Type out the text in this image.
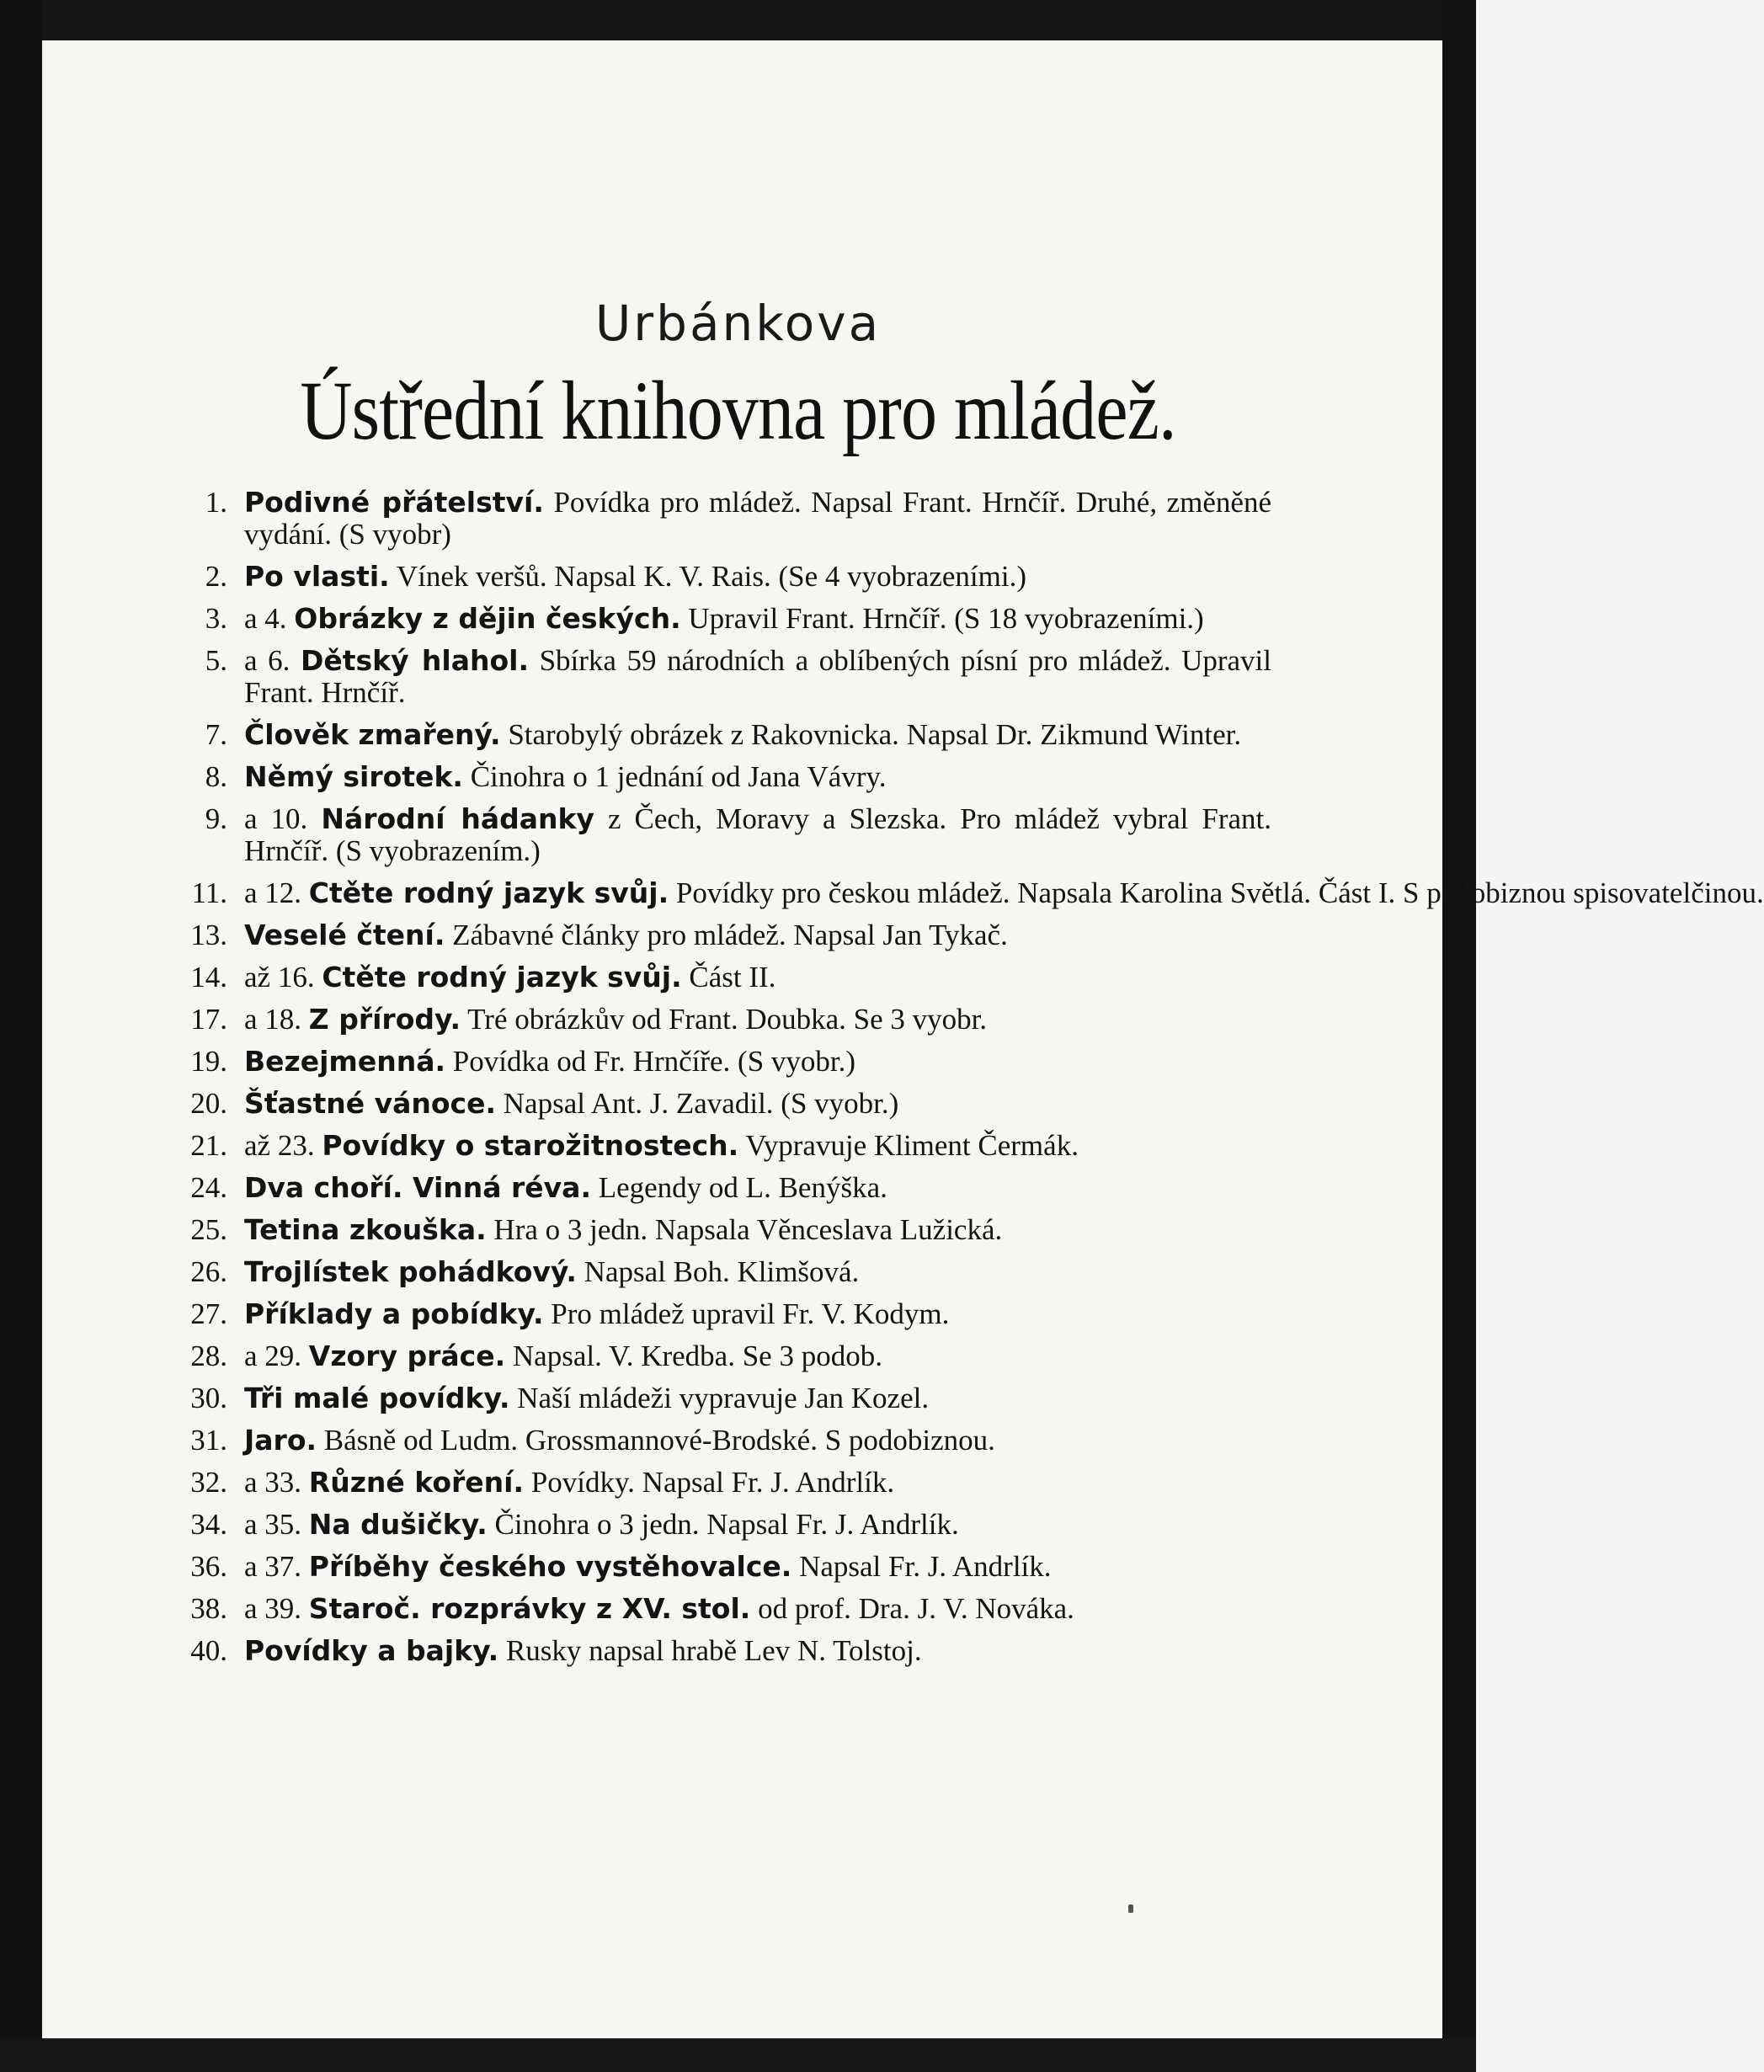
Urbánkova
Ústřední knihovna pro mládež.
1. Podivné přátelství. Povídka pro mládež. Napsal Frant. Hrnčíř. Druhé, změněné vydání. (S vyobr)
2. Po vlasti. Vínek veršů. Napsal K. V. Rais. (Se 4 vyobrazeními.)
3. a 4. Obrázky z dějin českých. Upravil Frant. Hrnčíř. (S 18 vyobrazeními.)
5. a 6. Dětský hlahol. Sbírka 59 národních a oblíbených písní pro mládež. Upravil Frant. Hrnčíř.
7. Člověk zmařený. Starobylý obrázek z Rakovnicka. Napsal Dr. Zikmund Winter.
8. Němý sirotek. Činohra o 1 jednání od Jana Vávry.
9. a 10. Národní hádanky z Čech, Moravy a Slezska. Pro mládež vybral Frant. Hrnčíř. (S vyobrazením.)
11. a 12. Ctěte rodný jazyk svůj. Povídky pro českou mládež. Napsala Karolina Světlá. Část I. S podobiznou spisovatelčinou.
13. Veselé čtení. Zábavné články pro mládež. Napsal Jan Tykač.
14. až 16. Ctěte rodný jazyk svůj. Část II.
17. a 18. Z přírody. Tré obrázkův od Frant. Doubka. Se 3 vyobr.
19. Bezejmenná. Povídka od Fr. Hrnčíře. (S vyobr.)
20. Šťastné vánoce. Napsal Ant. J. Zavadil. (S vyobr.)
21. až 23. Povídky o starožitnostech. Vypravuje Kliment Čermák.
24. Dva choří. Vinná réva. Legendy od L. Benýška.
25. Tetina zkouška. Hra o 3 jedn. Napsala Věnceslava Lužická.
26. Trojlístek pohádkový. Napsal Boh. Klimšová.
27. Příklady a pobídky. Pro mládež upravil Fr. V. Kodym.
28. a 29. Vzory práce. Napsal. V. Kredba. Se 3 podob.
30. Tři malé povídky. Naší mládeži vypravuje Jan Kozel.
31. Jaro. Básně od Ludm. Grossmannové-Brodské. S podobiznou.
32. a 33. Různé koření. Povídky. Napsal Fr. J. Andrlík.
34. a 35. Na dušičky. Činohra o 3 jedn. Napsal Fr. J. Andrlík.
36. a 37. Příběhy českého vystěhovalce. Napsal Fr. J. Andrlík.
38. a 39. Staroč. rozprávky z XV. stol. od prof. Dra. J. V. Nováka.
40. Povídky a bajky. Rusky napsal hrabě Lev N. Tolstoj.
